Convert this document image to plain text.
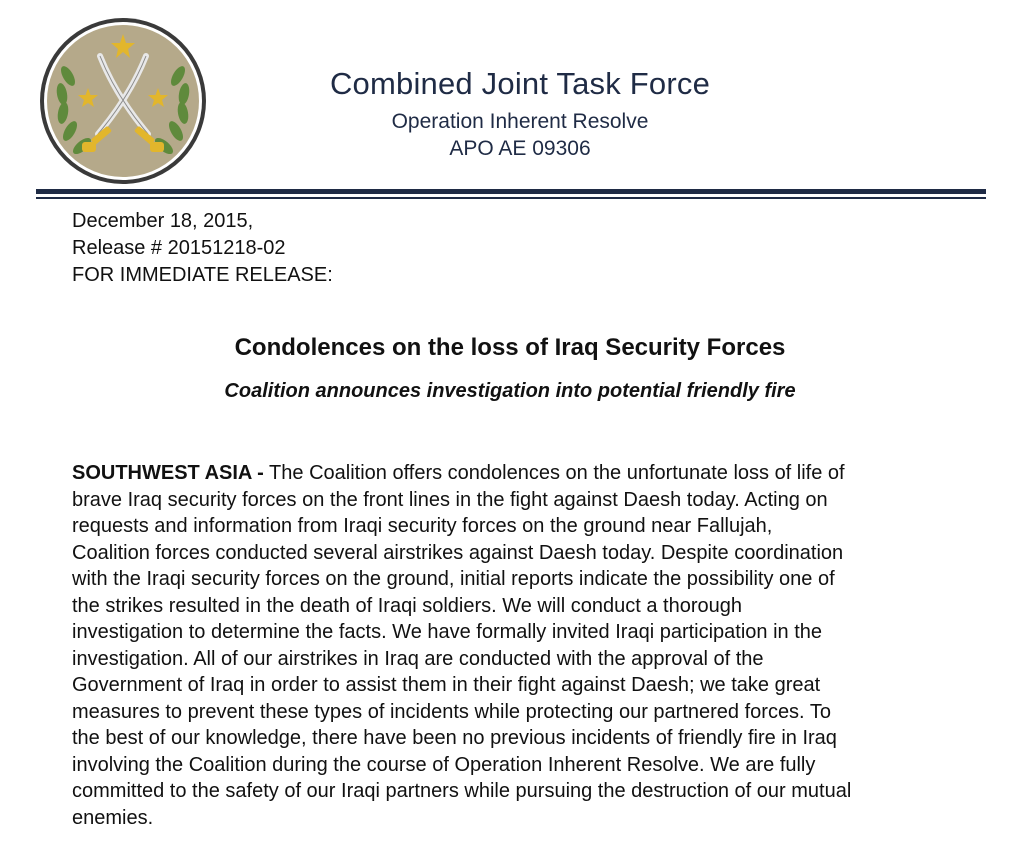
Combined Joint Task Force
Operation Inherent Resolve
APO AE 09306
December 18, 2015,
Release # 20151218-02
FOR IMMEDIATE RELEASE:
Condolences on the loss of Iraq Security Forces
Coalition announces investigation into potential friendly fire
SOUTHWEST ASIA - The Coalition offers condolences on the unfortunate loss of life of
brave Iraq security forces on the front lines in the fight against Daesh today. Acting on
requests and information from Iraqi security forces on the ground near Fallujah,
Coalition forces conducted several airstrikes against Daesh today. Despite coordination
with the Iraqi security forces on the ground, initial reports indicate the possibility one of
the strikes resulted in the death of Iraqi soldiers. We will conduct a thorough
investigation to determine the facts. We have formally invited Iraqi participation in the
investigation. All of our airstrikes in Iraq are conducted with the approval of the
Government of Iraq in order to assist them in their fight against Daesh; we take great
measures to prevent these types of incidents while protecting our partnered forces. To
the best of our knowledge, there have been no previous incidents of friendly fire in Iraq
involving the Coalition during the course of Operation Inherent Resolve. We are fully
committed to the safety of our Iraqi partners while pursuing the destruction of our mutual
enemies.
